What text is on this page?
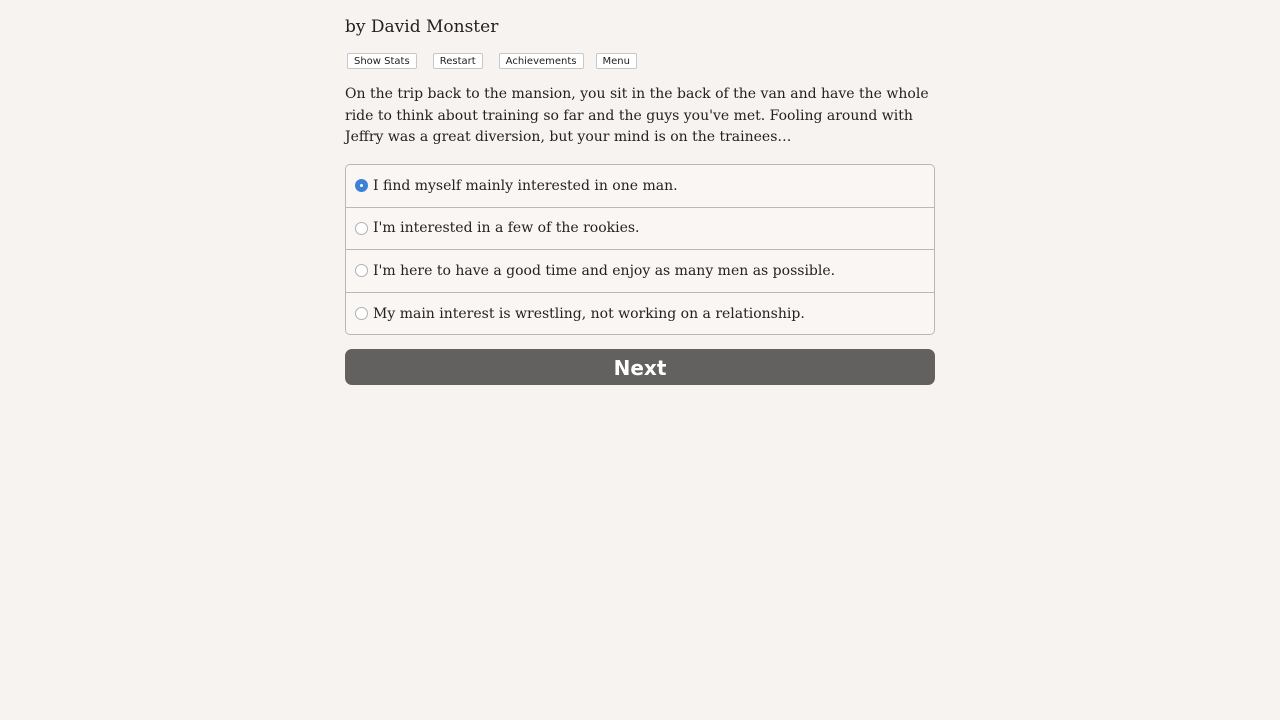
by David Monster
Show Stats	Restart	Achievements	Menu
On the trip back to the mansion, you sit in the back of the van and have the whole ride to think about training so far and the guys you've met. Fooling around with Jeffry was a great diversion, but your mind is on the trainees…
I find myself mainly interested in one man.
I'm interested in a few of the rookies.
I'm here to have a good time and enjoy as many men as possible.
My main interest is wrestling, not working on a relationship.
Next
